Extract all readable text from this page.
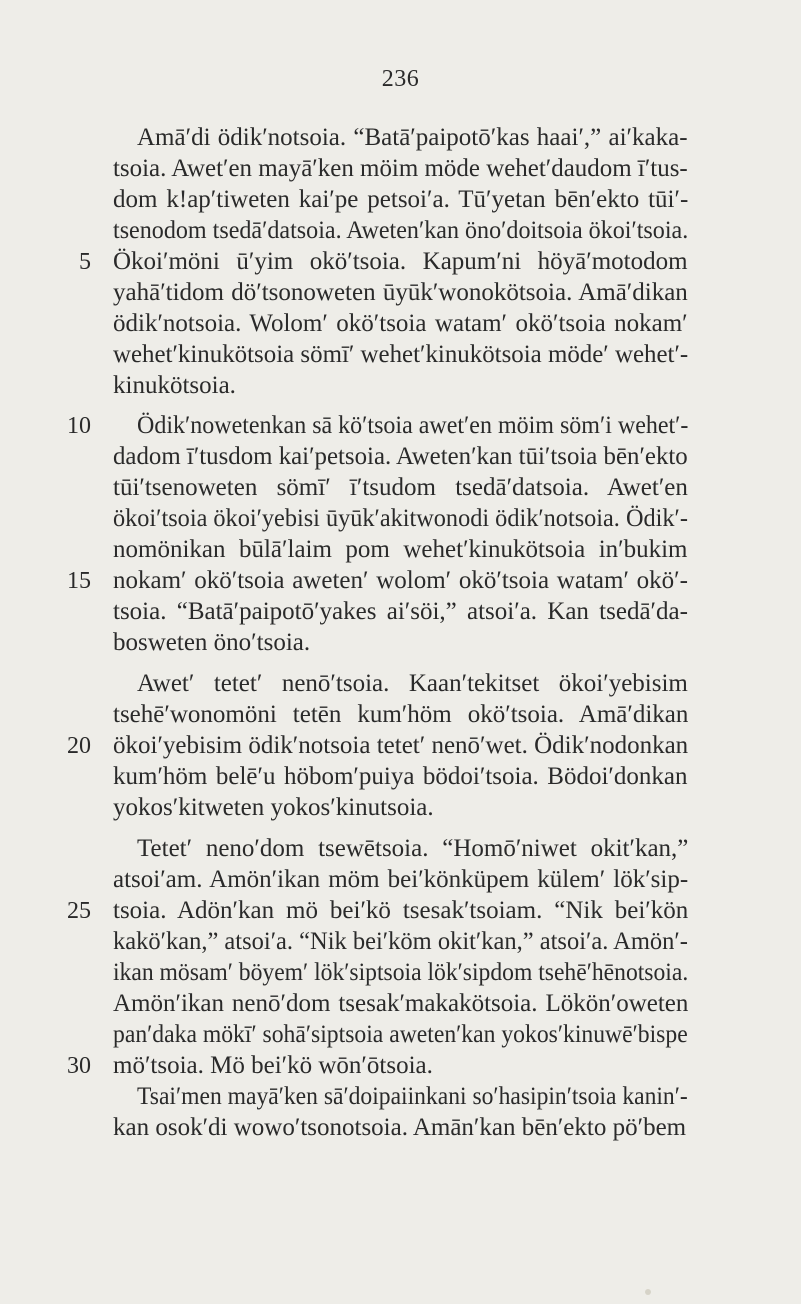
236
Amā′di ödik′notsoia. “Batā′paipotō′kas haai′,” ai′kaka-
tsoia. Awet′en mayā′ken möim möde wehet′daudom ī′tus-
dom k!ap′tiweten kai′pe petsoi′a. Tū′yetan bēn′ekto tūi′-
tsenodom tsedā′datsoia. Aweten′kan öno′doitsoia ökoi′tsoia.
Ökoi′möni ū′yim okö′tsoia. Kapum′ni höyā′motodom
yahā′tidom dö′tsonoweten ūyūk′wonokötsoia. Amā′dikan
ödik′notsoia. Wolom′ okö′tsoia watam′ okö′tsoia nokam′
wehet′kinukötsoia sömī′ wehet′kinukötsoia möde′ wehet′-
kinukötsoia.
Ödik′nowetenkan sā kö′tsoia awet′en möim söm′i wehet′-
dadom ī′tusdom kai′petsoia. Aweten′kan tūi′tsoia bēn′ekto
tūi′tsenoweten sömī′ ī′tsudom tsedā′datsoia. Awet′en
ökoi′tsoia ökoi′yebisi ūyūk′akitwonodi ödik′notsoia. Ödik′-
nomönikan būlā′laim pom wehet′kinukötsoia in′bukim
nokam′ okö′tsoia aweten′ wolom′ okö′tsoia watam′ okö′-
tsoia. “Batā′paipotō′yakes ai′söi,” atsoi′a. Kan tsedā′da-
bosweten öno′tsoia.
Awet′ tetet′ nenō′tsoia. Kaan′tekitset ökoi′yebisim
tsehē′wonomöni tetēn kum′höm okö′tsoia. Amā′dikan
ökoi′yebisim ödik′notsoia tetet′ nenō′wet. Ödik′nodonkan
kum′höm belē′u höbom′puiya bödoi′tsoia. Bödoi′donkan
yokos′kitweten yokos′kinutsoia.
Tetet′ neno′dom tsewētsoia. “Homō′niwet okit′kan,”
atsoi′am. Amön′ikan möm bei′könküpem külem′ lök′sip-
tsoia. Adön′kan mö bei′kö tsesak′tsoiam. “Nik bei′kön
kakö′kan,” atsoi′a. “Nik bei′köm okit′kan,” atsoi′a. Amön′-
ikan mösam′ böyem′ lök′siptsoia lök′sipdom tsehē′hēnotsoia.
Amön′ikan nenō′dom tsesak′makakötsoia. Lökön′oweten
pan′daka mökī′ sohā′siptsoia aweten′kan yokos′kinuwē′bispe
mö′tsoia. Mö bei′kö wōn′ōtsoia.
Tsai′men mayā′ken sā′doipaiinkani so′hasipin′tsoia kanin′-
kan osok′di wowo′tsonotsoia. Amān′kan bēn′ekto pö′bem
5
10
15
20
25
30
